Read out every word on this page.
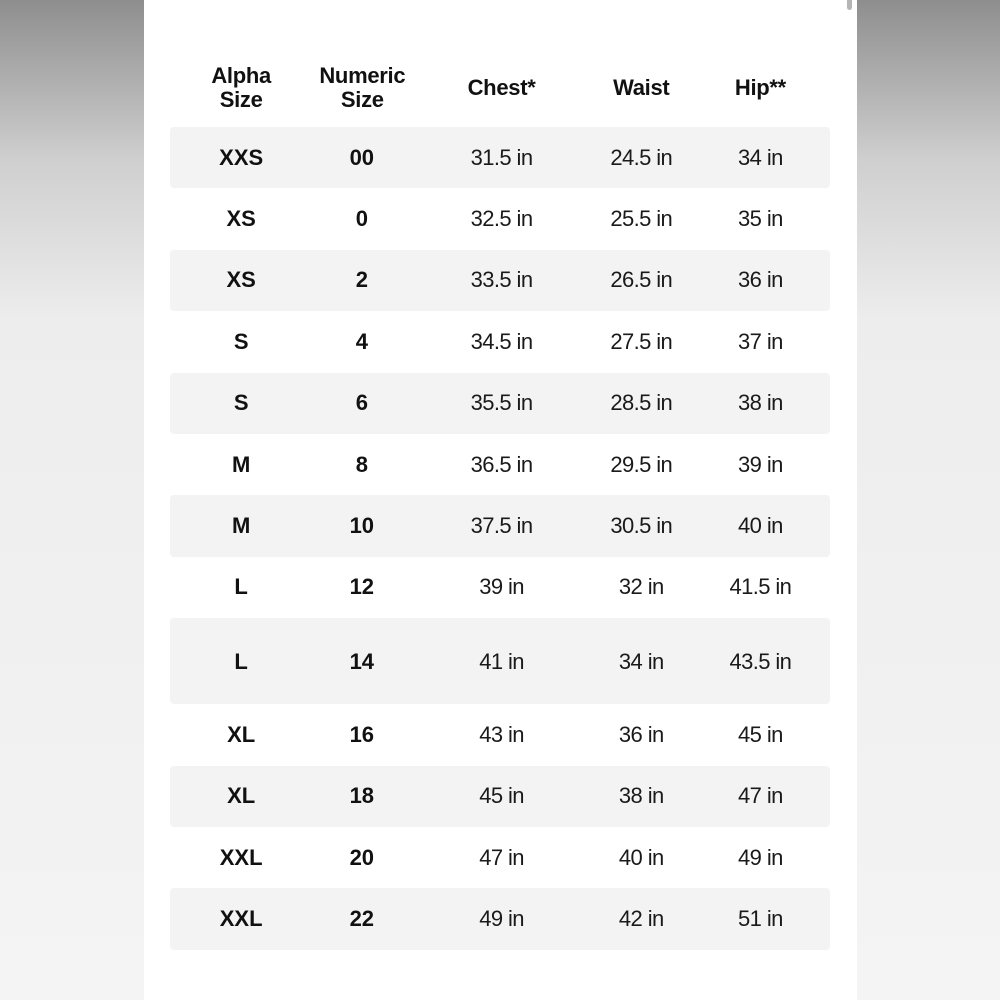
Alpha Size	Numeric Size	Chest*	Waist	Hip**
XXS	00	31.5 in	24.5 in	34 in
XS	0	32.5 in	25.5 in	35 in
XS	2	33.5 in	26.5 in	36 in
S	4	34.5 in	27.5 in	37 in
S	6	35.5 in	28.5 in	38 in
M	8	36.5 in	29.5 in	39 in
M	10	37.5 in	30.5 in	40 in
L	12	39 in	32 in	41.5 in
L	14	41 in	34 in	43.5 in
XL	16	43 in	36 in	45 in
XL	18	45 in	38 in	47 in
XXL	20	47 in	40 in	49 in
XXL	22	49 in	42 in	51 in
